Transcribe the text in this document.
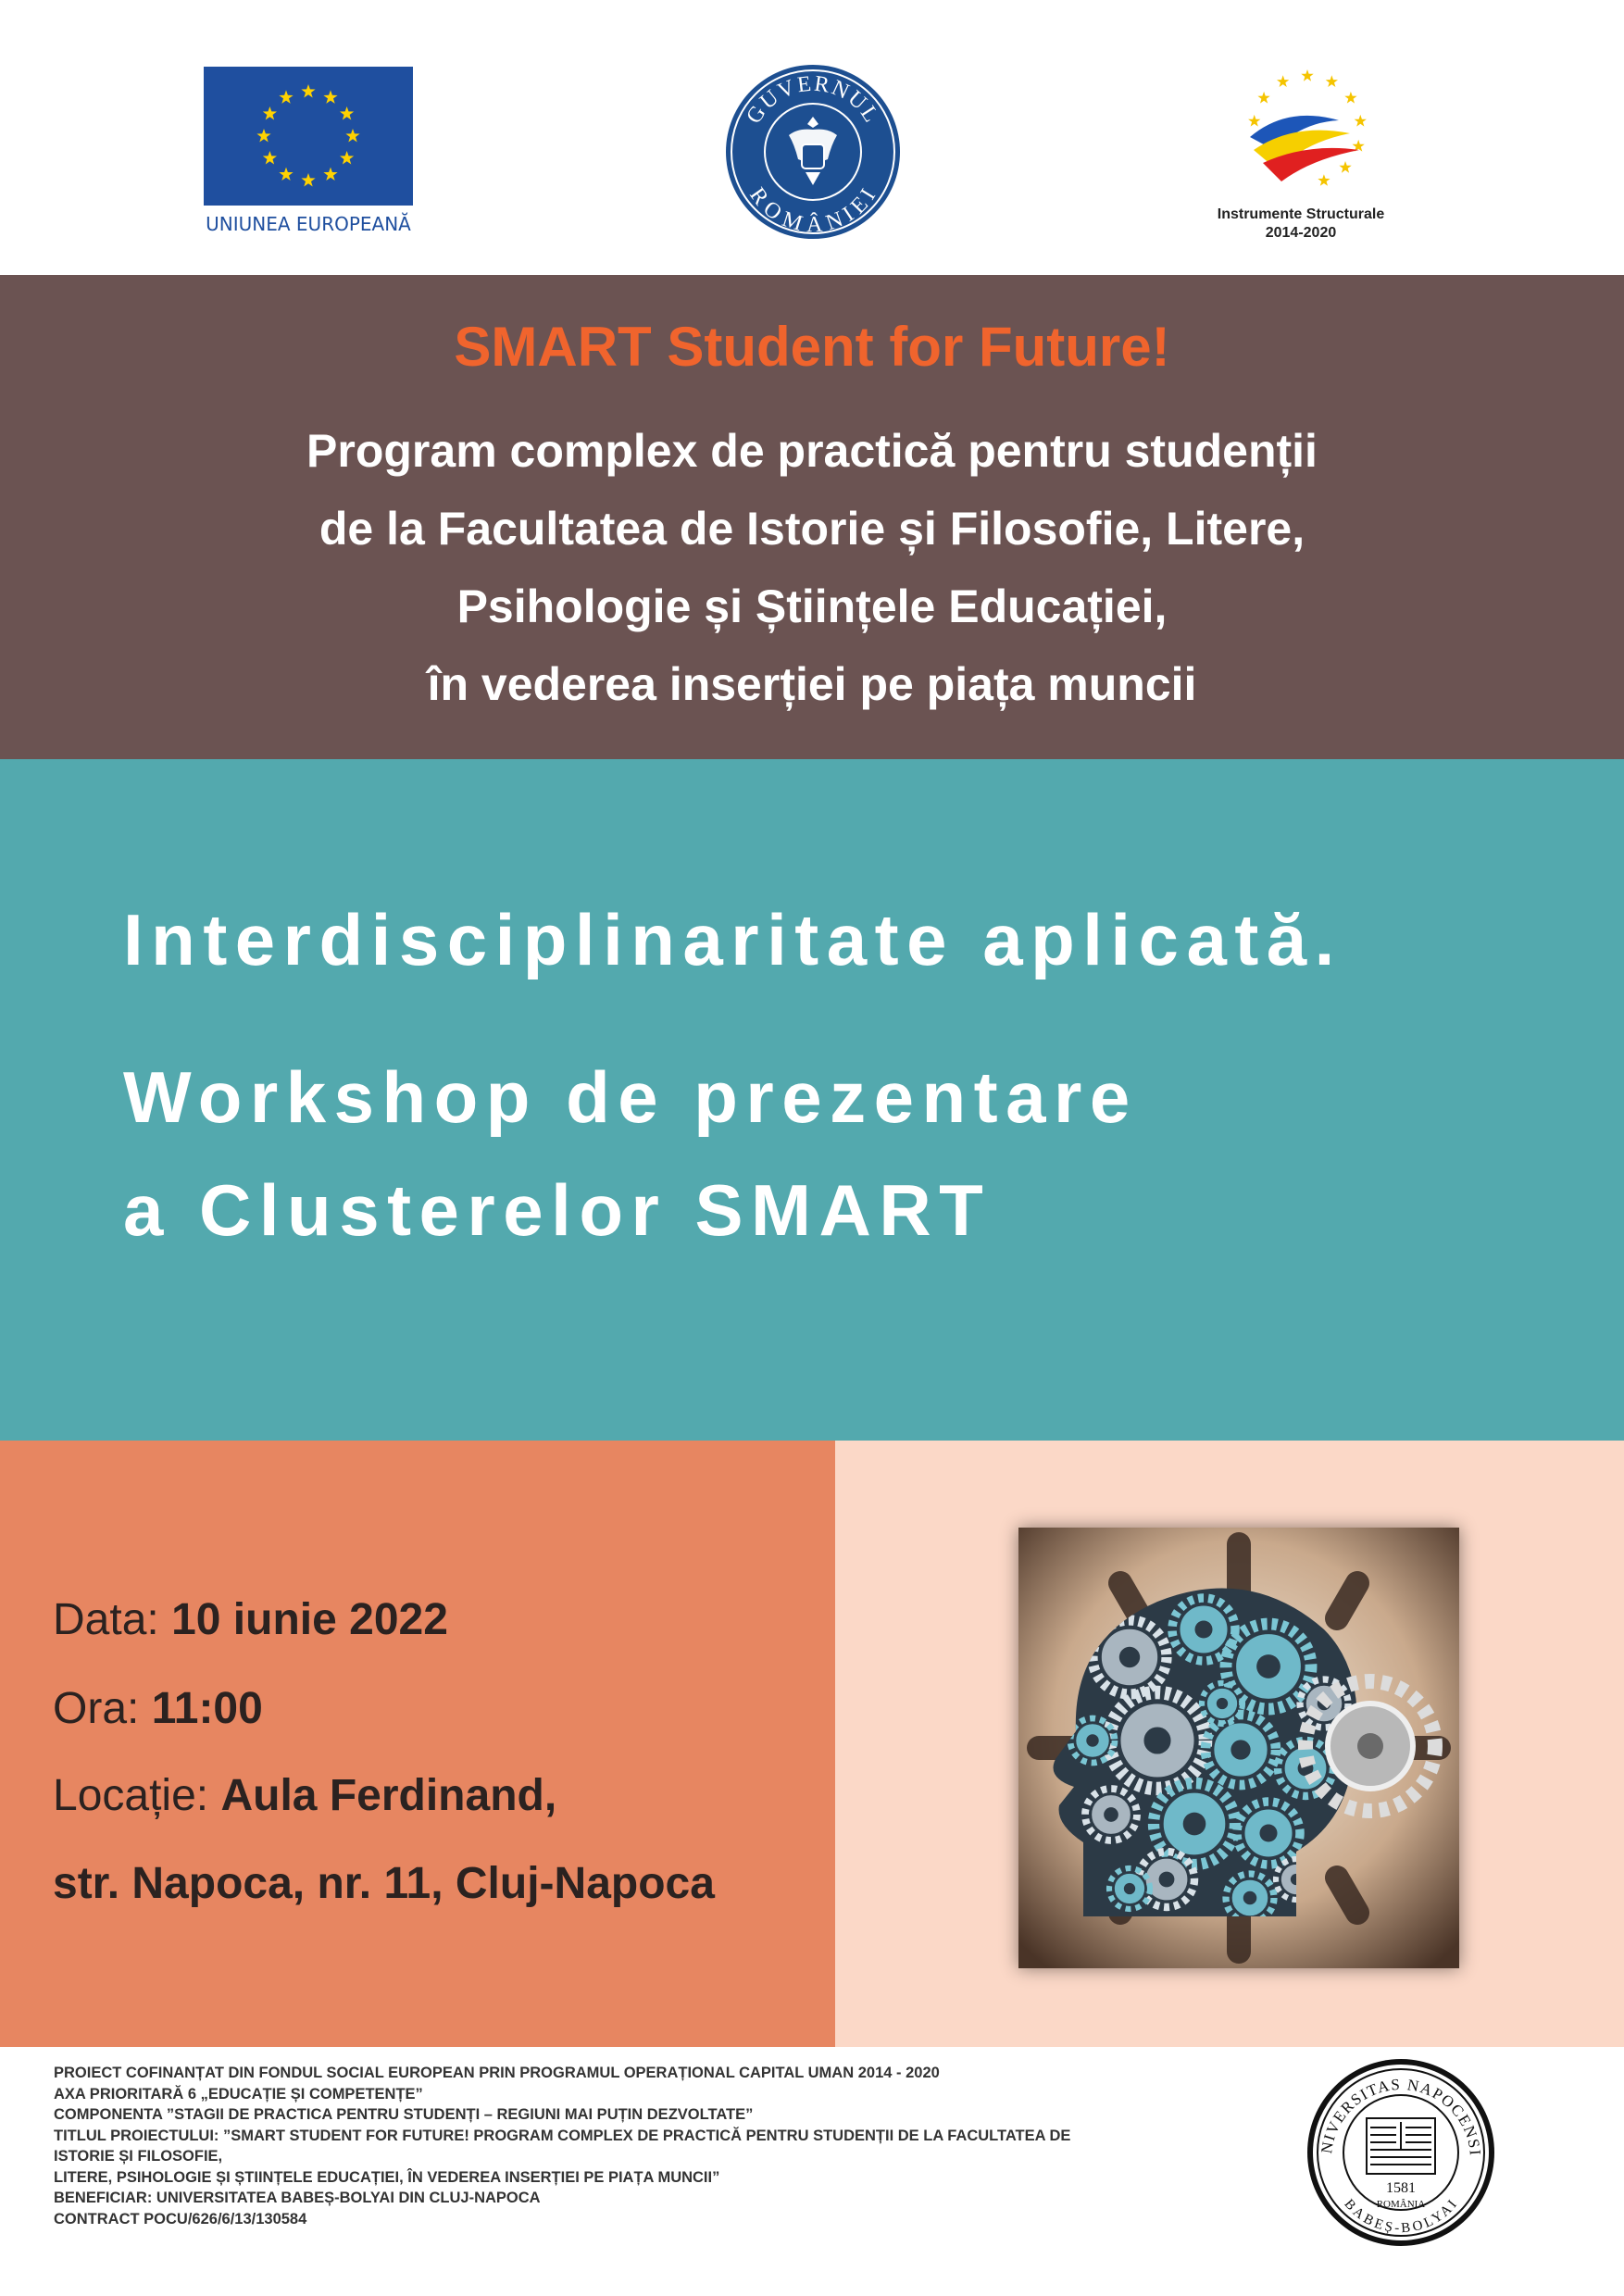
UNIUNEA EUROPEANĂ
GUVERNUL
ROMÂNIEI
Instrumente Structurale
2014-2020
SMART Student for Future!
Program complex de practică pentru studenții
de la Facultatea de Istorie și Filosofie, Litere,
Psihologie și Științele Educației,
în vederea inserției pe piața muncii
Interdisciplinaritate aplicată.
Workshop de prezentare
a Clusterelor SMART
Data: 10 iunie 2022
Ora: 11:00
Locație: Aula Ferdinand,
str. Napoca, nr. 11, Cluj-Napoca
PROIECT COFINANȚAT DIN FONDUL SOCIAL EUROPEAN PRIN PROGRAMUL OPERAȚIONAL CAPITAL UMAN 2014 - 2020
AXA PRIORITARĂ 6 „EDUCAȚIE ȘI COMPETENȚE”
COMPONENTA ”STAGII DE PRACTICA PENTRU STUDENȚI – REGIUNI MAI PUȚIN DEZVOLTATE”
TITLUL PROIECTULUI: ”SMART STUDENT FOR FUTURE! PROGRAM COMPLEX DE PRACTICĂ PENTRU STUDENȚII DE LA FACULTATEA DE
ISTORIE ȘI FILOSOFIE,
LITERE, PSIHOLOGIE ȘI ȘTIINȚELE EDUCAȚIEI, ÎN VEDEREA INSERȚIEI PE PIAȚA MUNCII”
BENEFICIAR: UNIVERSITATEA BABEȘ-BOLYAI DIN CLUJ-NAPOCA
CONTRACT POCU/626/6/13/130584
NIVERSITAS NAPOCENSI
BABEȘ-BOLYAI
1581
ROMÂNIA
